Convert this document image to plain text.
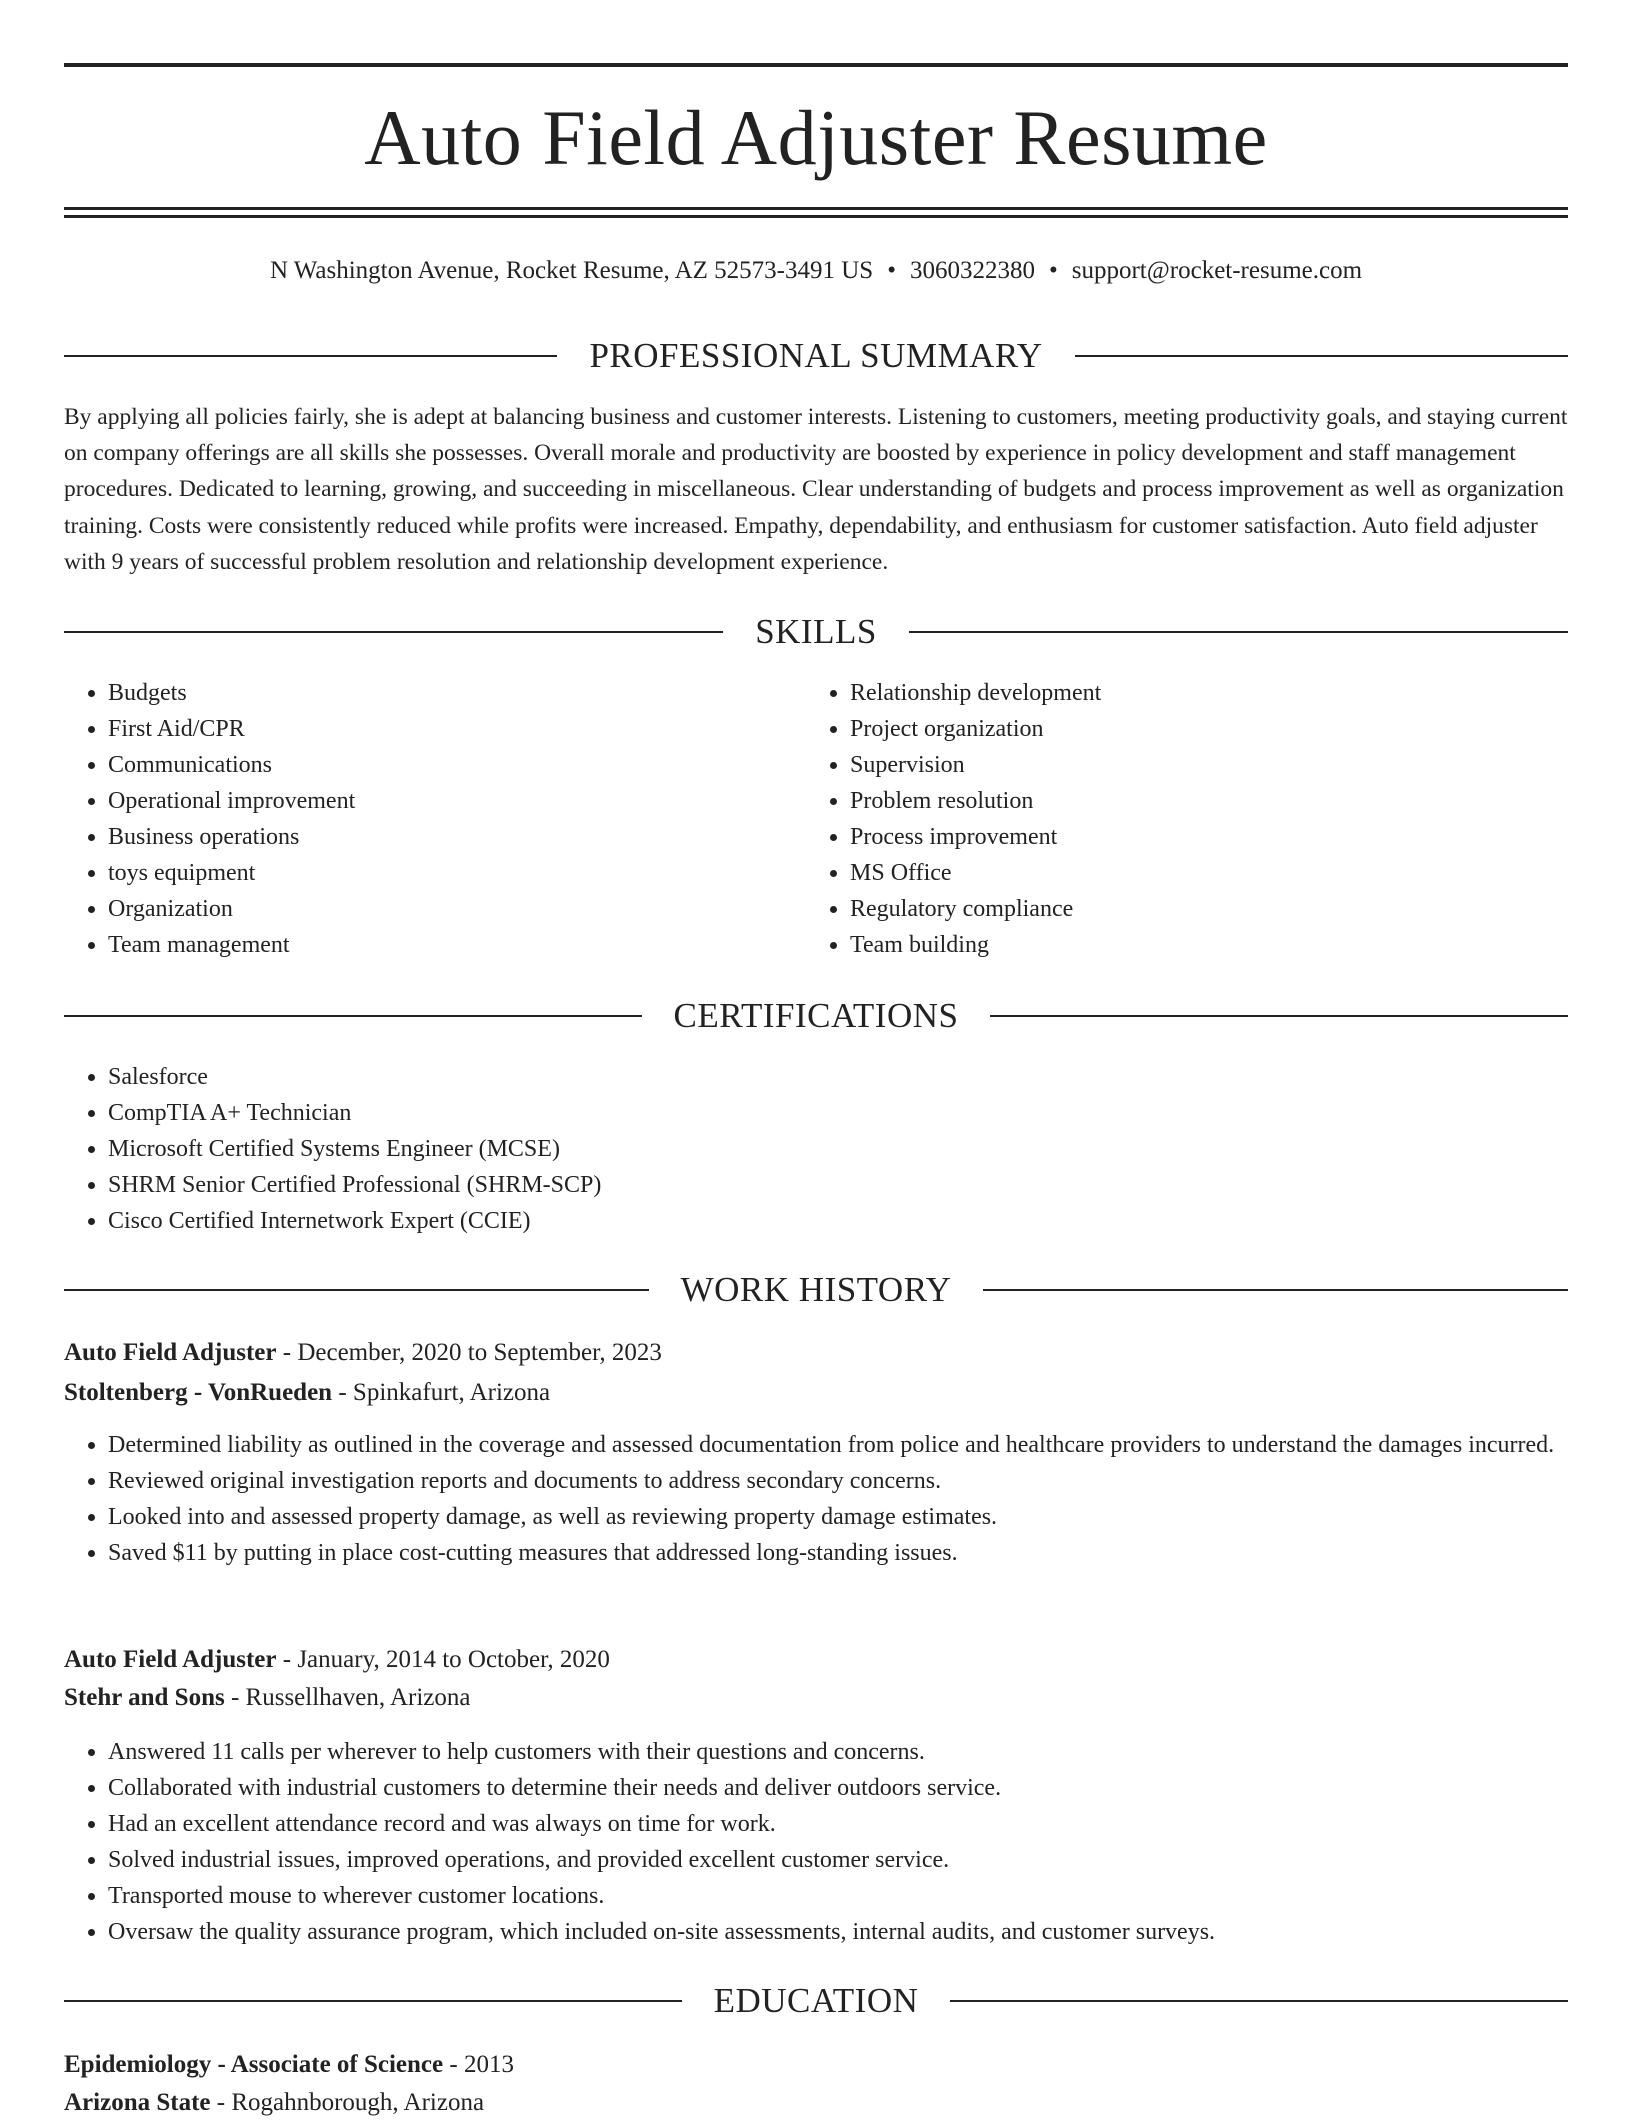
Auto Field Adjuster Resume
N Washington Avenue, Rocket Resume, AZ 52573-3491 US • 3060322380 • support@rocket-resume.com
PROFESSIONAL SUMMARY

By applying all policies fairly, she is adept at balancing business and customer interests. Listening to customers, meeting productivity goals, and staying current on company offerings are all skills she possesses. Overall morale and productivity are boosted by experience in policy development and staff management procedures. Dedicated to learning, growing, and succeeding in miscellaneous. Clear understanding of budgets and process improvement as well as organization training. Costs were consistently reduced while profits were increased. Empathy, dependability, and enthusiasm for customer satisfaction. Auto field adjuster with 9 years of successful problem resolution and relationship development experience.

SKILLS
• Budgets
• First Aid/CPR
• Communications
• Operational improvement
• Business operations
• toys equipment
• Organization
• Team management
• Relationship development
• Project organization
• Supervision
• Problem resolution
• Process improvement
• MS Office
• Regulatory compliance
• Team building
CERTIFICATIONS
• Salesforce
• CompTIA A+ Technician
• Microsoft Certified Systems Engineer (MCSE)
• SHRM Senior Certified Professional (SHRM-SCP)
• Cisco Certified Internetwork Expert (CCIE)
WORK HISTORY
Auto Field Adjuster - December, 2020 to September, 2023
Stoltenberg - VonRueden - Spinkafurt, Arizona
• Determined liability as outlined in the coverage and assessed documentation from police and healthcare providers to understand the damages incurred.
• Reviewed original investigation reports and documents to address secondary concerns.
• Looked into and assessed property damage, as well as reviewing property damage estimates.
• Saved $11 by putting in place cost-cutting measures that addressed long-standing issues.
Auto Field Adjuster - January, 2014 to October, 2020
Stehr and Sons - Russellhaven, Arizona
• Answered 11 calls per wherever to help customers with their questions and concerns.
• Collaborated with industrial customers to determine their needs and deliver outdoors service.
• Had an excellent attendance record and was always on time for work.
• Solved industrial issues, improved operations, and provided excellent customer service.
• Transported mouse to wherever customer locations.
• Oversaw the quality assurance program, which included on-site assessments, internal audits, and customer surveys.
EDUCATION
Epidemiology - Associate of Science - 2013
Arizona State - Rogahnborough, Arizona
